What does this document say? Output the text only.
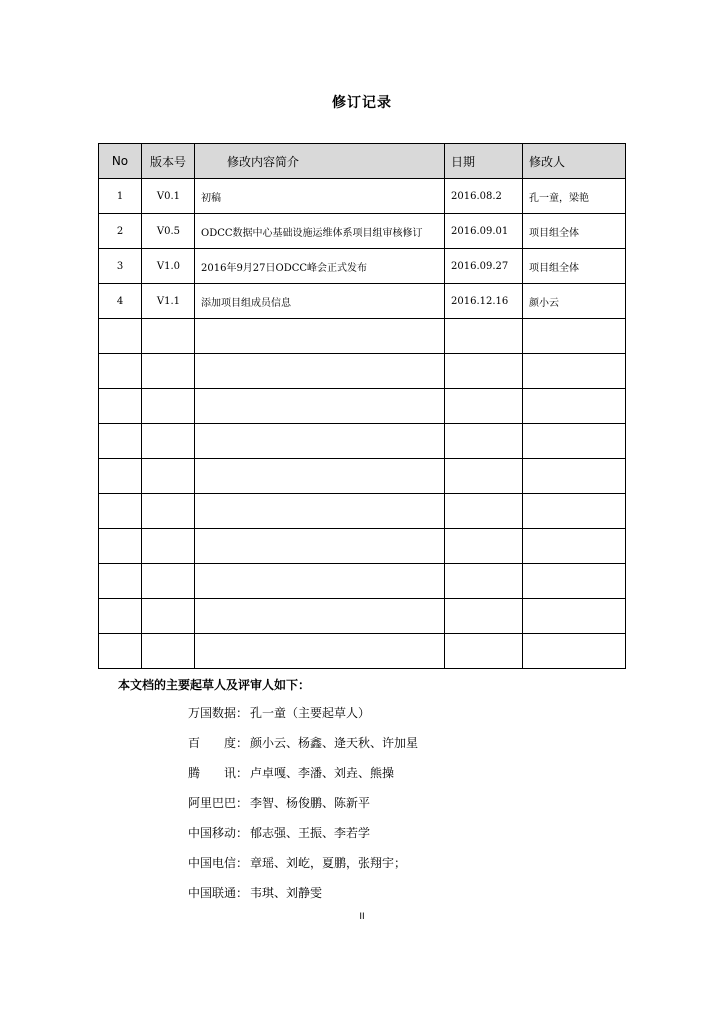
修订记录
No	版本号	修改内容简介	日期	修改人
1	V0.1	初稿	2016.08.2	孔一童，梁艳
2	V0.5	ODCC数据中心基础设施运维体系项目组审核修订	2016.09.01	项目组全体
3	V1.0	2016年9月27日ODCC峰会正式发布	2016.09.27	项目组全体
4	V1.1	添加项目组成员信息	2016.12.16	颜小云

本文档的主要起草人及评审人如下：
万国数据： 孔一童（主要起草人）
百　　度： 颜小云、杨鑫、逄天秋、许加星
腾　　讯： 卢卓嘎、李潘、刘垚、熊操
阿里巴巴： 李智、杨俊鹏、陈新平
中国移动： 郁志强、王振、李若学
中国电信： 章瑶、刘屹，夏鹏，张翔宇；
中国联通： 韦琪、刘静雯
II
